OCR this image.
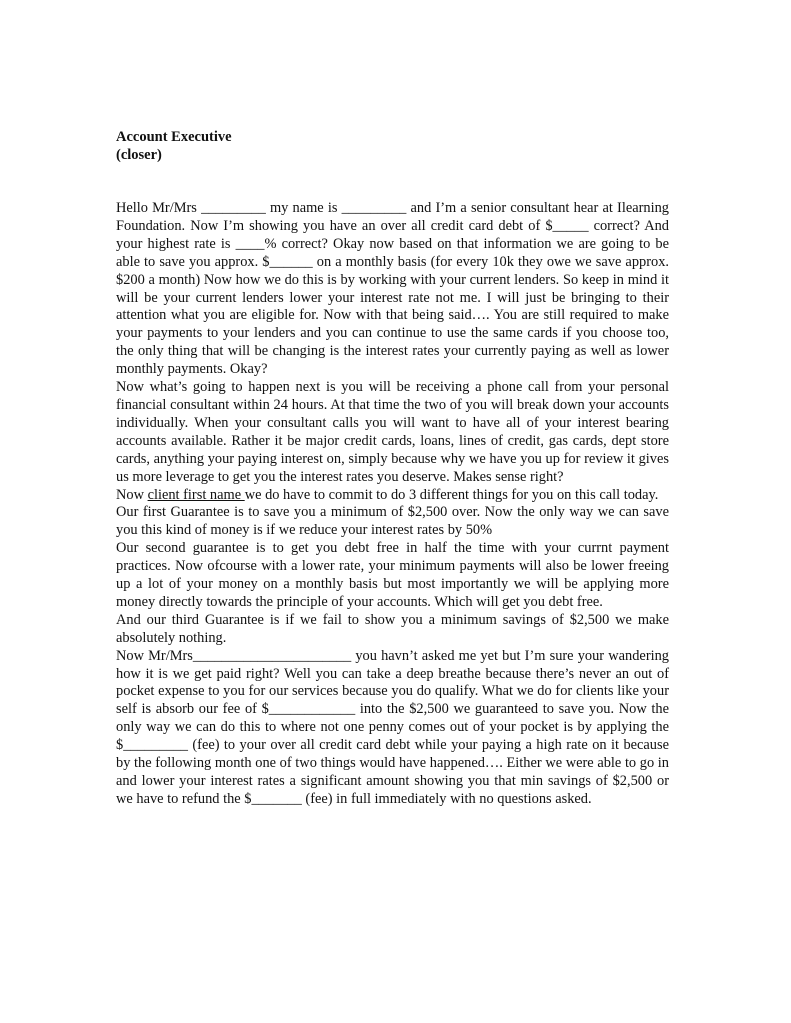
Account Executive

(closer)

Hello Mr/Mrs _________ my name is _________ and I’m a senior consultant hear at Ilearning Foundation. Now I’m showing you have an over all credit card debt of $_____ correct? And your highest rate is ____% correct? Okay now based on that information we are going to be able to save you approx. $______ on a monthly basis (for every 10k they owe we save approx. $200 a month) Now how we do this is by working with your current lenders. So keep in mind it will be your current lenders lower your interest rate not me. I will just be bringing to their attention what you are eligible for. Now with that being said…. You are still required to make your payments to your lenders and you can continue to use the same cards if you choose too, the only thing that will be changing is the interest rates your currently paying as well as lower monthly payments. Okay?

Now what’s going to happen next is you will be receiving a phone call from your personal financial consultant within 24 hours. At that time the two of you will break down your accounts individually. When your consultant calls you will want to have all of your interest bearing accounts available. Rather it be major credit cards, loans, lines of credit, gas cards, dept store cards, anything your paying interest on, simply because why we have you up for review it gives us more leverage to get you the interest rates you deserve. Makes sense right?

Now client first name we do have to commit to do 3 different things for you on this call today.

Our first Guarantee is to save you a minimum of $2,500 over. Now the only way we can save you this kind of money is if we reduce your interest rates by 50%

Our second guarantee is to get you debt free in half the time with your currnt payment practices. Now ofcourse with a lower rate, your minimum payments will also be lower freeing up a lot of your money on a monthly basis but most importantly we will be applying more money directly towards the principle of your accounts. Which will get you debt free.

And our third Guarantee is if we fail to show you a minimum savings of $2,500 we make absolutely nothing.

Now Mr/Mrs______________________ you havn’t asked me yet but I’m sure your wandering how it is we get paid right? Well you can take a deep breathe because there’s never an out of pocket expense to you for our services because you do qualify. What we do for clients like your self is absorb our fee of $____________ into the $2,500 we guaranteed to save you. Now the only way we can do this to where not one penny comes out of your pocket is by applying the $_________ (fee) to your over all credit card debt while your paying a high rate on it because by the following month one of two things would have happened…. Either we were able to go in and lower your interest rates a significant amount showing you that min savings of $2,500 or we have to refund the $_______ (fee) in full immediately with no questions asked.
